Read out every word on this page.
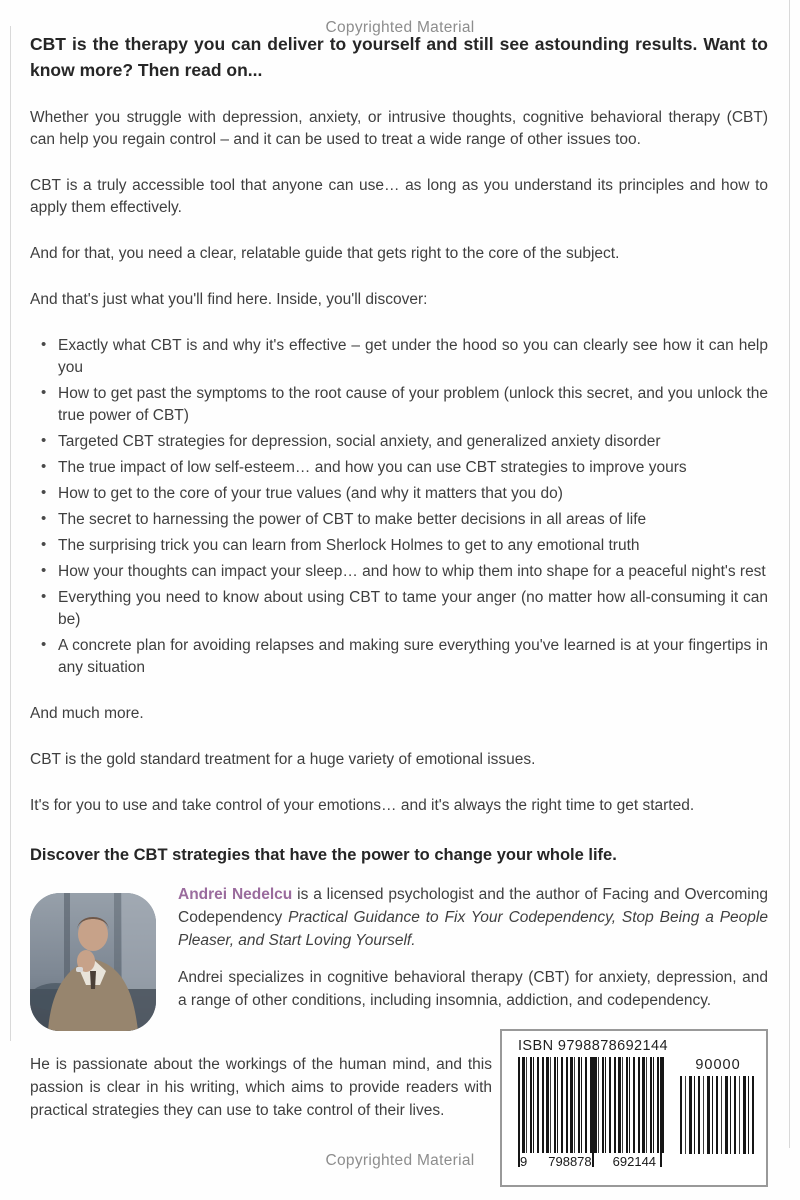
Copyrighted Material
CBT is the therapy you can deliver to yourself and still see astounding results. Want to know more? Then read on...

Whether you struggle with depression, anxiety, or intrusive thoughts, cognitive behavioral therapy (CBT) can help you regain control – and it can be used to treat a wide range of other issues too.

CBT is a truly accessible tool that anyone can use… as long as you understand its principles and how to apply them effectively.

And for that, you need a clear, relatable guide that gets right to the core of the subject.

And that's just what you'll find here. Inside, you'll discover:

• Exactly what CBT is and why it's effective – get under the hood so you can clearly see how it can help you
• How to get past the symptoms to the root cause of your problem (unlock this secret, and you unlock the true power of CBT)
• Targeted CBT strategies for depression, social anxiety, and generalized anxiety disorder
• The true impact of low self-esteem… and how you can use CBT strategies to improve yours
• How to get to the core of your true values (and why it matters that you do)
• The secret to harnessing the power of CBT to make better decisions in all areas of life
• The surprising trick you can learn from Sherlock Holmes to get to any emotional truth
• How your thoughts can impact your sleep… and how to whip them into shape for a peaceful night's rest
• Everything you need to know about using CBT to tame your anger (no matter how all-consuming it can be)
• A concrete plan for avoiding relapses and making sure everything you've learned is at your fingertips in any situation

And much more.

CBT is the gold standard treatment for a huge variety of emotional issues.

It's for you to use and take control of your emotions… and it's always the right time to get started.

Discover the CBT strategies that have the power to change your whole life.

Andrei Nedelcu is a licensed psychologist and the author of Facing and Overcoming Codependency Practical Guidance to Fix Your Codependency, Stop Being a People Pleaser, and Start Loving Yourself.

Andrei specializes in cognitive behavioral therapy (CBT) for anxiety, depression, and a range of other conditions, including insomnia, addiction, and codependency.

He is passionate about the workings of the human mind, and this passion is clear in his writing, which aims to provide readers with practical strategies they can use to take control of their lives.

ISBN 9798878692144
9 798878 692144
90000
Copyrighted Material
